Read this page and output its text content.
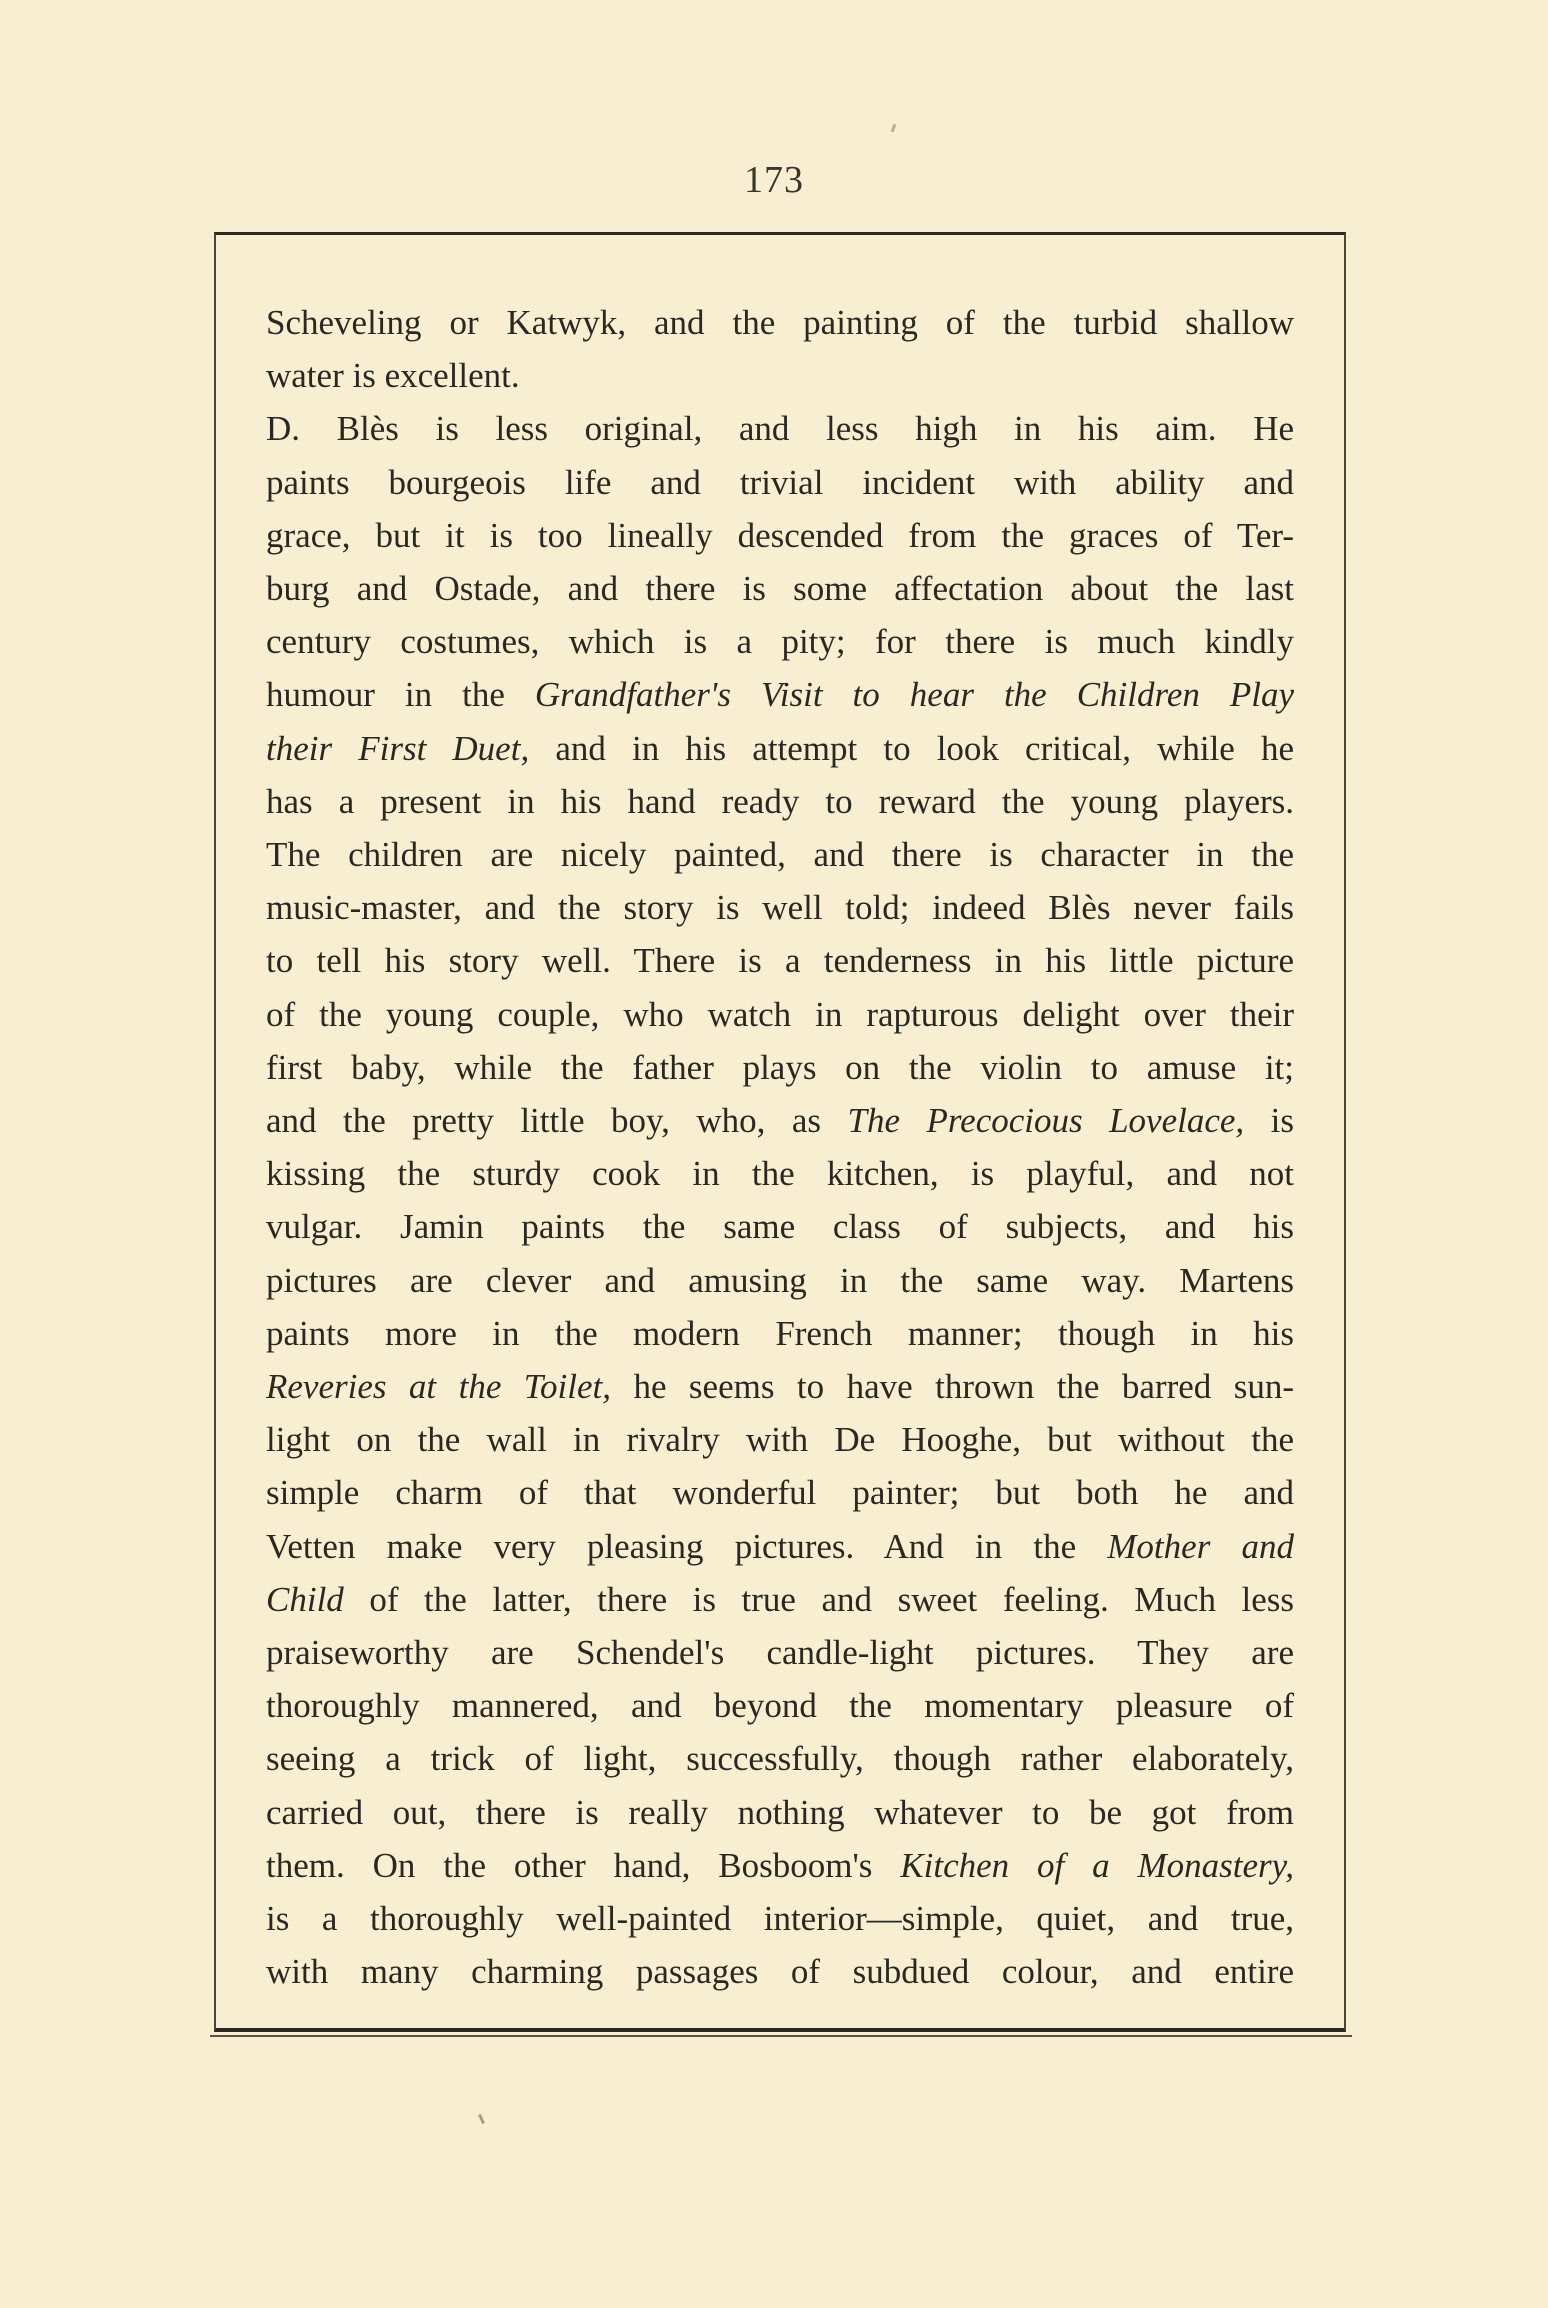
173
Scheveling or Katwyk, and the painting of the turbid shallow
water is excellent.
D. Blès is less original, and less high in his aim. He
paints bourgeois life and trivial incident with ability and
grace, but it is too lineally descended from the graces of Ter-
burg and Ostade, and there is some affectation about the last
century costumes, which is a pity; for there is much kindly
humour in the Grandfather's Visit to hear the Children Play
their First Duet, and in his attempt to look critical, while he
has a present in his hand ready to reward the young players.
The children are nicely painted, and there is character in the
music-master, and the story is well told; indeed Blès never fails
to tell his story well. There is a tenderness in his little picture
of the young couple, who watch in rapturous delight over their
first baby, while the father plays on the violin to amuse it;
and the pretty little boy, who, as The Precocious Lovelace, is
kissing the sturdy cook in the kitchen, is playful, and not
vulgar. Jamin paints the same class of subjects, and his
pictures are clever and amusing in the same way. Martens
paints more in the modern French manner; though in his
Reveries at the Toilet, he seems to have thrown the barred sun-
light on the wall in rivalry with De Hooghe, but without the
simple charm of that wonderful painter; but both he and
Vetten make very pleasing pictures. And in the Mother and
Child of the latter, there is true and sweet feeling. Much less
praiseworthy are Schendel's candle-light pictures. They are
thoroughly mannered, and beyond the momentary pleasure of
seeing a trick of light, successfully, though rather elaborately,
carried out, there is really nothing whatever to be got from
them. On the other hand, Bosboom's Kitchen of a Monastery,
is a thoroughly well-painted interior—simple, quiet, and true,
with many charming passages of subdued colour, and entire
